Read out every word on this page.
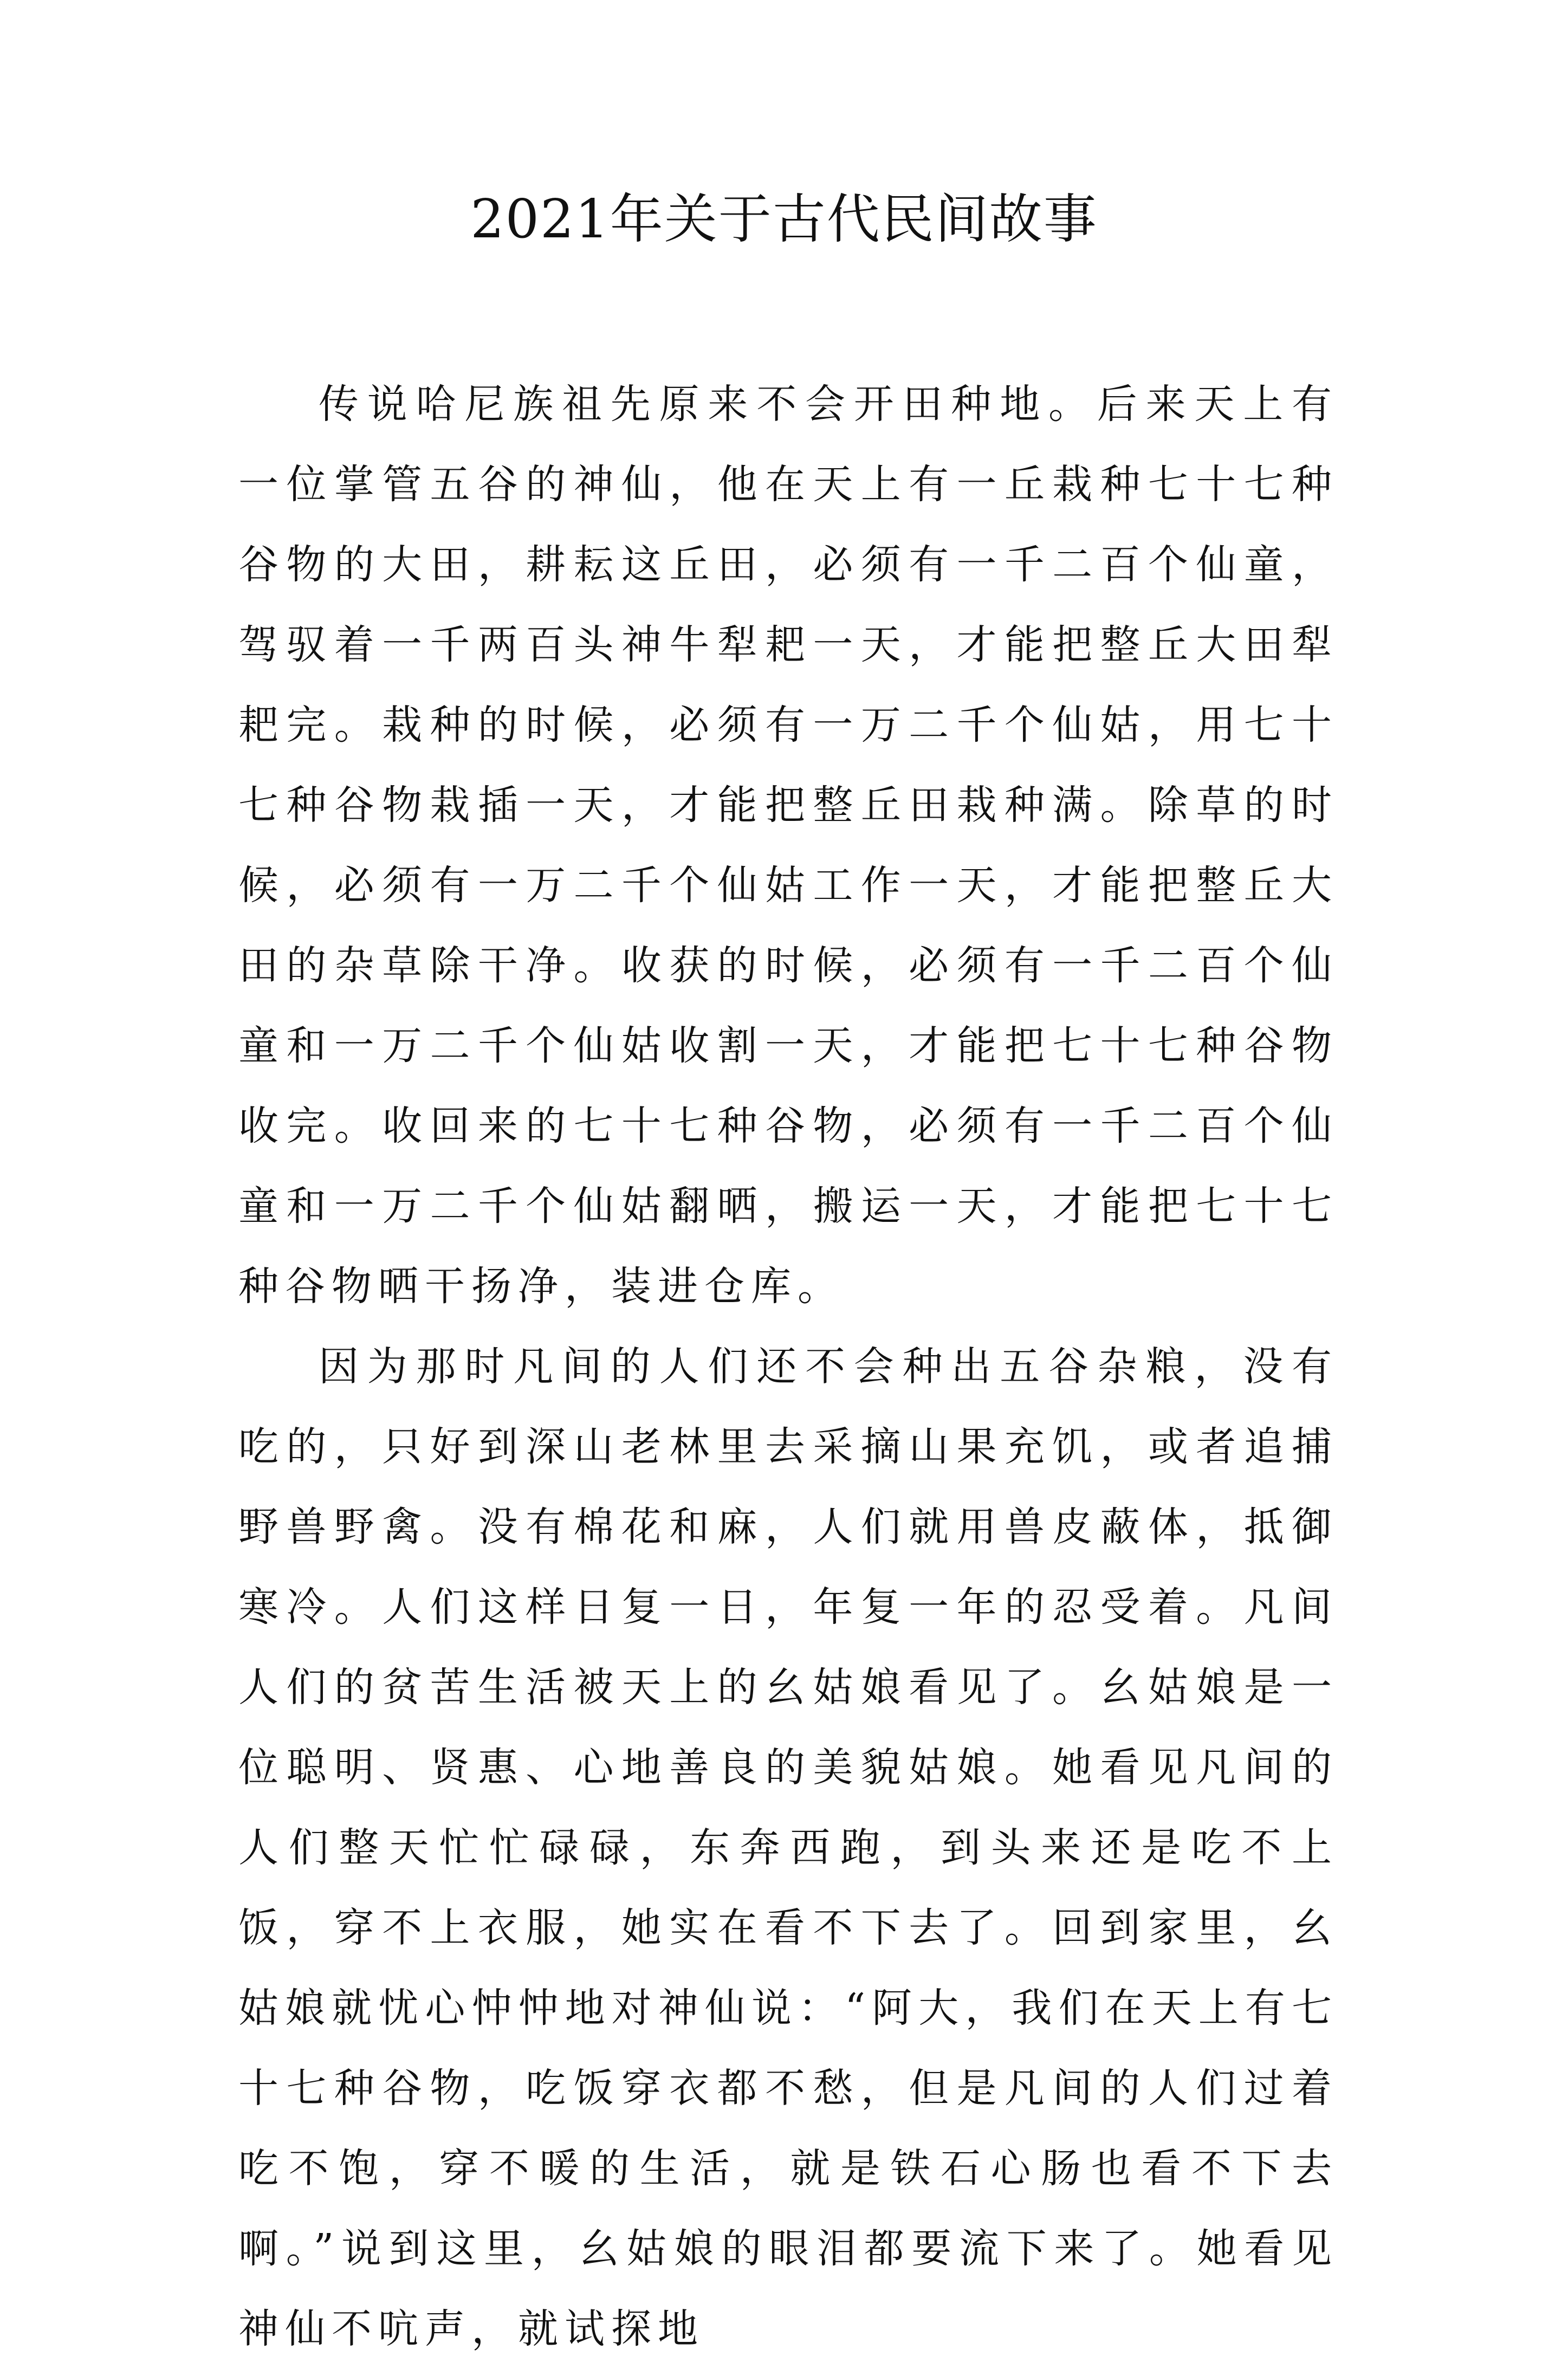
2021年关于古代民间故事

传说哈尼族祖先原来不会开田种地。后来天上有一位掌管五谷的神仙，他在天上有一丘栽种七十七种谷物的大田，耕耘这丘田，必须有一千二百个仙童，驾驭着一千两百头神牛犁耙一天，才能把整丘大田犁耙完。栽种的时候，必须有一万二千个仙姑，用七十七种谷物栽插一天，才能把整丘田栽种满。除草的时候，必须有一万二千个仙姑工作一天，才能把整丘大田的杂草除干净。收获的时候，必须有一千二百个仙童和一万二千个仙姑收割一天，才能把七十七种谷物收完。收回来的七十七种谷物，必须有一千二百个仙童和一万二千个仙姑翻晒，搬运一天，才能把七十七种谷物晒干扬净，装进仓库。

因为那时凡间的人们还不会种出五谷杂粮，没有吃的，只好到深山老林里去采摘山果充饥，或者追捕野兽野禽。没有棉花和麻，人们就用兽皮蔽体，抵御寒冷。人们这样日复一日，年复一年的忍受着。凡间人们的贫苦生活被天上的幺姑娘看见了。幺姑娘是一位聪明、贤惠、心地善良的美貌姑娘。她看见凡间的人们整天忙忙碌碌，东奔西跑，到头来还是吃不上饭，穿不上衣服，她实在看不下去了。回到家里，幺姑娘就忧心忡忡地对神仙说：“阿大，我们在天上有七十七种谷物，吃饭穿衣都不愁，但是凡间的人们过着吃不饱，穿不暖的生活，就是铁石心肠也看不下去啊。”说到这里，幺姑娘的眼泪都要流下来了。她看见神仙不吭声，就试探地
